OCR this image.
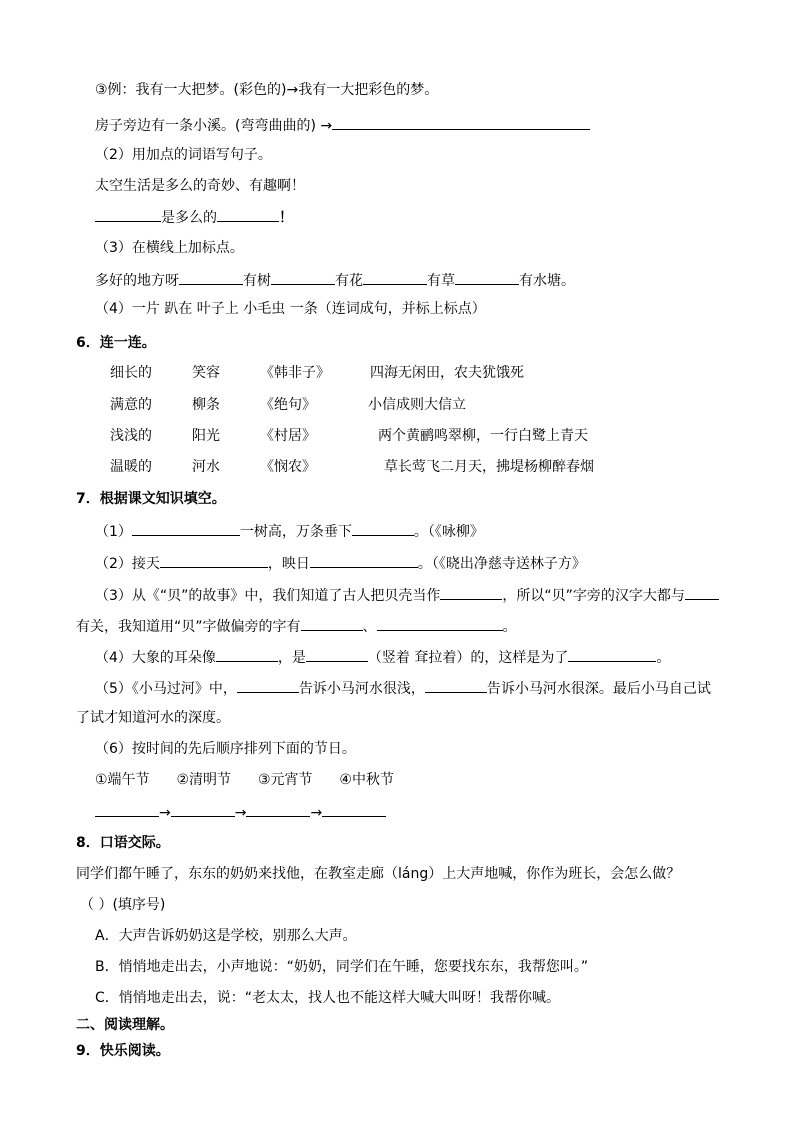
③例：我有一大把梦。(彩色的)→我有一大把彩色的梦。
房子旁边有一条小溪。(弯弯曲曲的) →
（2）用加点的词语写句子。
太空生活是多么的奇妙、有趣啊！
是多么的	！
（3）在横线上加标点。
多好的地方呀	有树	有花	有草	有水塘。
（4）一片 趴在 叶子上 小毛虫 一条（连词成句，并标上标点）
6．连一连。
细长的	笑容	《韩非子》	四海无闲田，农夫犹饿死
满意的	柳条	《绝句》	小信成则大信立
浅浅的	阳光	《村居》	两个黄鹂鸣翠柳，一行白鹭上青天
温暖的	河水	《悯农》	草长莺飞二月天，拂堤杨柳醉春烟
7．根据课文知识填空。
（1）	一树高，万条垂下	。（《咏柳》
（2）接天	，映日	。（《晓出净慈寺送林子方》
（3）从《“贝”的故事》中，我们知道了古人把贝壳当作	，所以“贝”字旁的汉字大都与
有关，我知道用“贝”字做偏旁的字有	、	。
（4）大象的耳朵像	，是	（竖着 耷拉着）的，这样是为了	。
（5）《小马过河》中，	告诉小马河水很浅，	告诉小马河水很深。最后小马自己试
了试才知道河水的深度。
（6）按时间的先后顺序排列下面的节日。
①端午节 ②清明节 ③元宵节 ④中秋节
→	→	→
8．口语交际。
同学们都午睡了，东东的奶奶来找他，在教室走廊（láng）上大声地喊，你作为班长，会怎么做？
（ ）(填序号)
A．大声告诉奶奶这是学校，别那么大声。
B．悄悄地走出去，小声地说：“奶奶，同学们在午睡，您要找东东，我帮您叫。”
C．悄悄地走出去，说：“老太太，找人也不能这样大喊大叫呀！我帮你喊。
二、阅读理解。
9．快乐阅读。
